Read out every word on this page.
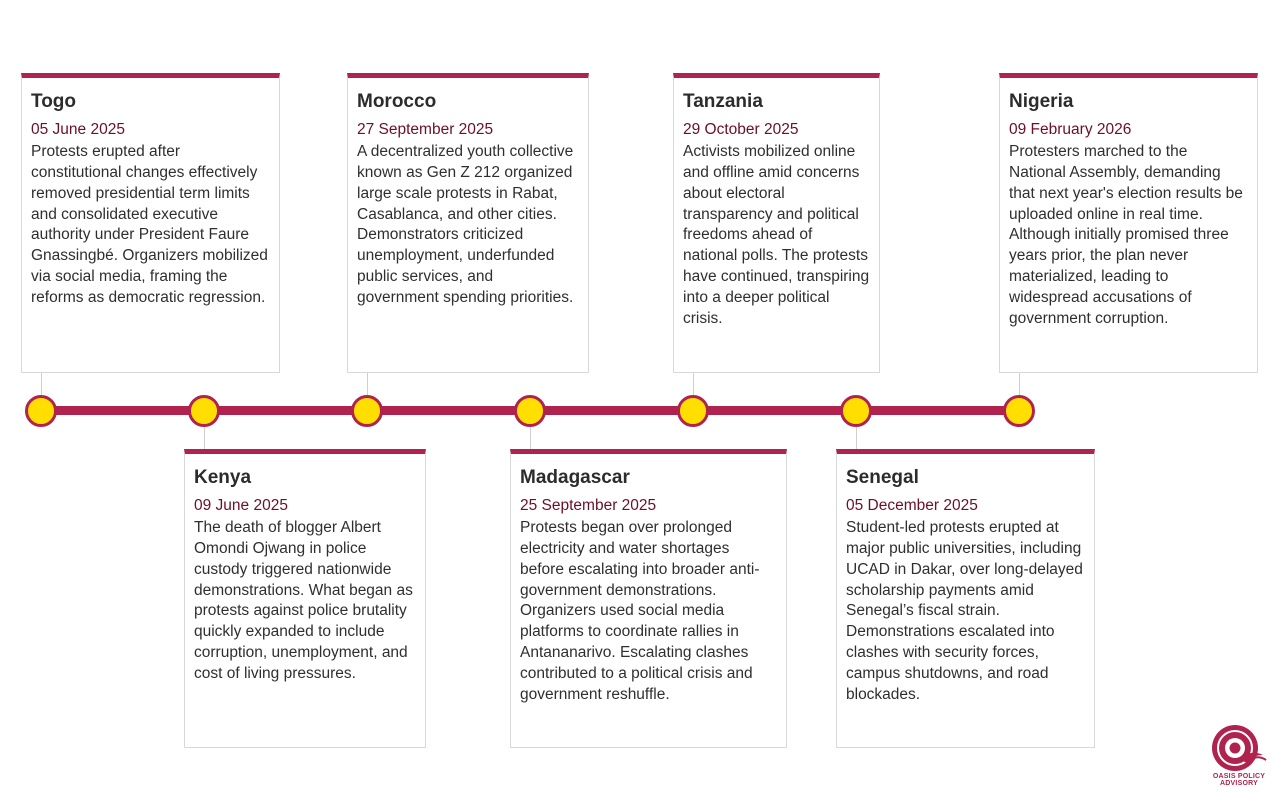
Togo
05 June 2025

Protests erupted after constitutional changes effectively removed presidential term limits and consolidated executive authority under President Faure Gnassingbé. Organizers mobilized via social media, framing the reforms as democratic regression.

Kenya
09 June 2025

The death of blogger Albert Omondi Ojwang in police custody triggered nationwide demonstrations. What began as protests against police brutality quickly expanded to include corruption, unemployment, and cost of living pressures.

Morocco
27 September 2025

A decentralized youth collective known as Gen Z 212 organized large scale protests in Rabat, Casablanca, and other cities. Demonstrators criticized unemployment, underfunded public services, and government spending priorities.

Madagascar
25 September 2025

Protests began over prolonged electricity and water shortages before escalating into broader anti-government demonstrations. Organizers used social media platforms to coordinate rallies in Antananarivo. Escalating clashes contributed to a political crisis and government reshuffle.

Tanzania
29 October 2025

Activists mobilized online and offline amid concerns about electoral transparency and political freedoms ahead of national polls. The protests have continued, transpiring into a deeper political crisis.

Senegal
05 December 2025

Student-led protests erupted at major public universities, including UCAD in Dakar, over long-delayed scholarship payments amid Senegal’s fiscal strain. Demonstrations escalated into clashes with security forces, campus shutdowns, and road blockades.

Nigeria
09 February 2026

Protesters marched to the National Assembly, demanding that next year's election results be uploaded online in real time. Although initially promised three years prior, the plan never materialized, leading to widespread accusations of government corruption.

OASIS POLICY
ADVISORY
